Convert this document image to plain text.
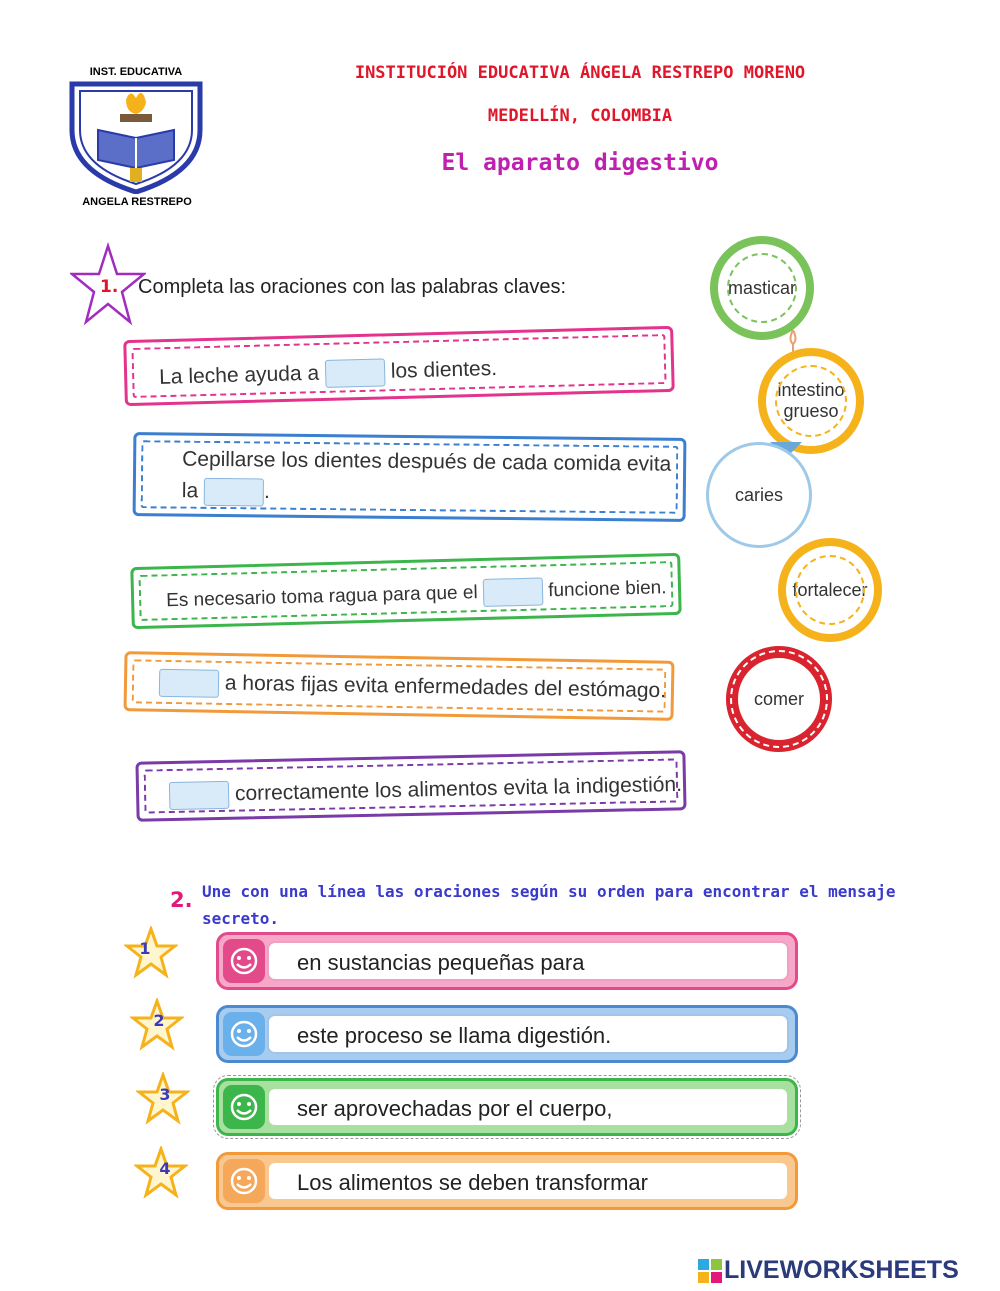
INST. EDUCATIVA
ANGELA RESTREPO
INSTITUCIÓN EDUCATIVA ÁNGELA RESTREPO MORENO
MEDELLÍN, COLOMBIA
El aparato digestivo
1. Completa las oraciones con las palabras claves:
La leche ayuda a	los dientes.
Cepillarse los dientes después de cada comida evita
la	.
Es necesario toma ragua para que el	funcione bien.
a horas fijas evita enfermedades del estómago.
correctamente los alimentos evita la indigestión.
masticar
intestino grueso
caries
fortalecer
comer
2. Une con una línea las oraciones según su orden para encontrar el mensaje secreto.
1
2
3
4
en sustancias pequeñas para
este proceso se llama digestión.
ser aprovechadas por el cuerpo,
Los alimentos se deben transformar
LIVEWORKSHEETS
